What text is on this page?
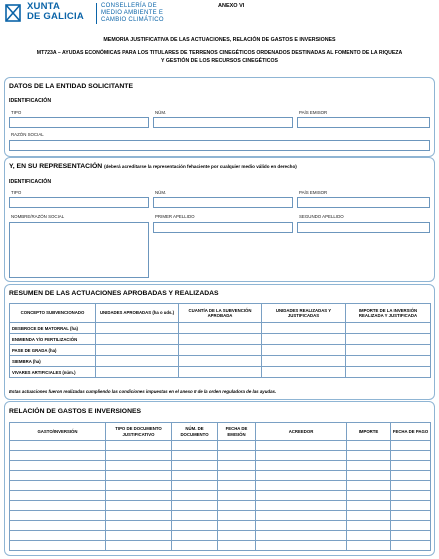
XUNTA
DE GALICIA
CONSELLERÍA DE
MEDIO AMBIENTE E
CAMBIO CLIMÁTICO
ANEXO VI
MEMORIA JUSTIFICATIVA DE LAS ACTUACIONES, RELACIÓN DE GASTOS E INVERSIONES
MT723A – AYUDAS ECONÓMICAS PARA LOS TITULARES DE TERRENOS CINEGÉTICOS ORDENADOS DESTINADAS AL FOMENTO DE LA RIQUEZA
Y GESTIÓN DE LOS RECURSOS CINEGÉTICOS
DATOS DE LA ENTIDAD SOLICITANTE
IDENTIFICACIÓN
TIPO	NÚM.	PAÍS EMISOR
RAZÓN SOCIAL
Y, EN SU REPRESENTACIÓN (deberá acreditarse la representación fehaciente por cualquier medio válido en derecho)
IDENTIFICACIÓN
TIPO	NÚM.	PAÍS EMISOR
NOMBRE/RAZÓN SOCIAL	PRIMER APELLIDO	SEGUNDO APELLIDO
RESUMEN DE LAS ACTUACIONES APROBADAS Y REALIZADAS
CONCEPTO SUBVENCIONADO	UNIDADES APROBADAS (ha o uds.)	CUANTÍA DE LA SUBVENCIÓN APROBADA	UNIDADES REALIZADAS Y JUSTIFICADAS	IMPORTE DE LA INVERSIÓN REALIZADA Y JUSTIFICADA
DESBROCE DE MATORRAL (ha)				
ENMIENDA Y/O FERTILIZACIÓN				
PASE DE GRADA (ha)				
SIEMBRA (ha)				
VIVARES ARTIFICIALES (núm.)				
Estas actuaciones fueron realizadas cumpliendo las condiciones impuestas en el anexo II de la orden reguladora de las ayudas.
RELACIÓN DE GASTOS E INVERSIONES
GASTO/INVERSIÓN	TIPO DE DOCUMENTO JUSTIFICATIVO	NÚM. DE DOCUMENTO	FECHA DE EMISIÓN	ACREEDOR	IMPORTE	FECHA DE PAGO
